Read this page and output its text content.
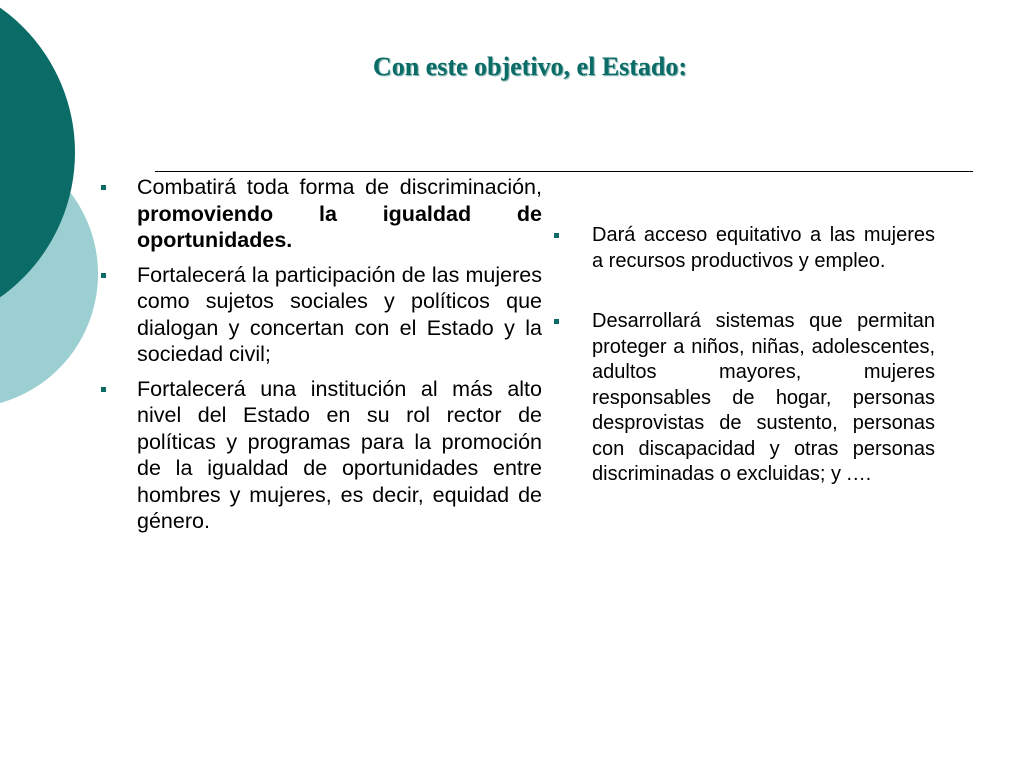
Con este objetivo, el Estado:
Combatirá toda forma de discriminación, promoviendo la igualdad de oportunidades.
Fortalecerá la participación de las mujeres como sujetos sociales y políticos que dialogan y concertan con el Estado y la sociedad civil;
Fortalecerá una institución al más alto nivel del Estado en su rol rector de políticas y programas para la promoción de la igualdad de oportunidades entre hombres y mujeres, es decir, equidad de género.
Dará acceso equitativo a las mujeres a recursos productivos y empleo.
Desarrollará sistemas que permitan proteger a niños, niñas, adolescentes, adultos mayores, mujeres responsables de hogar, personas desprovistas de sustento, personas con discapacidad y otras personas discriminadas o excluidas; y .…
